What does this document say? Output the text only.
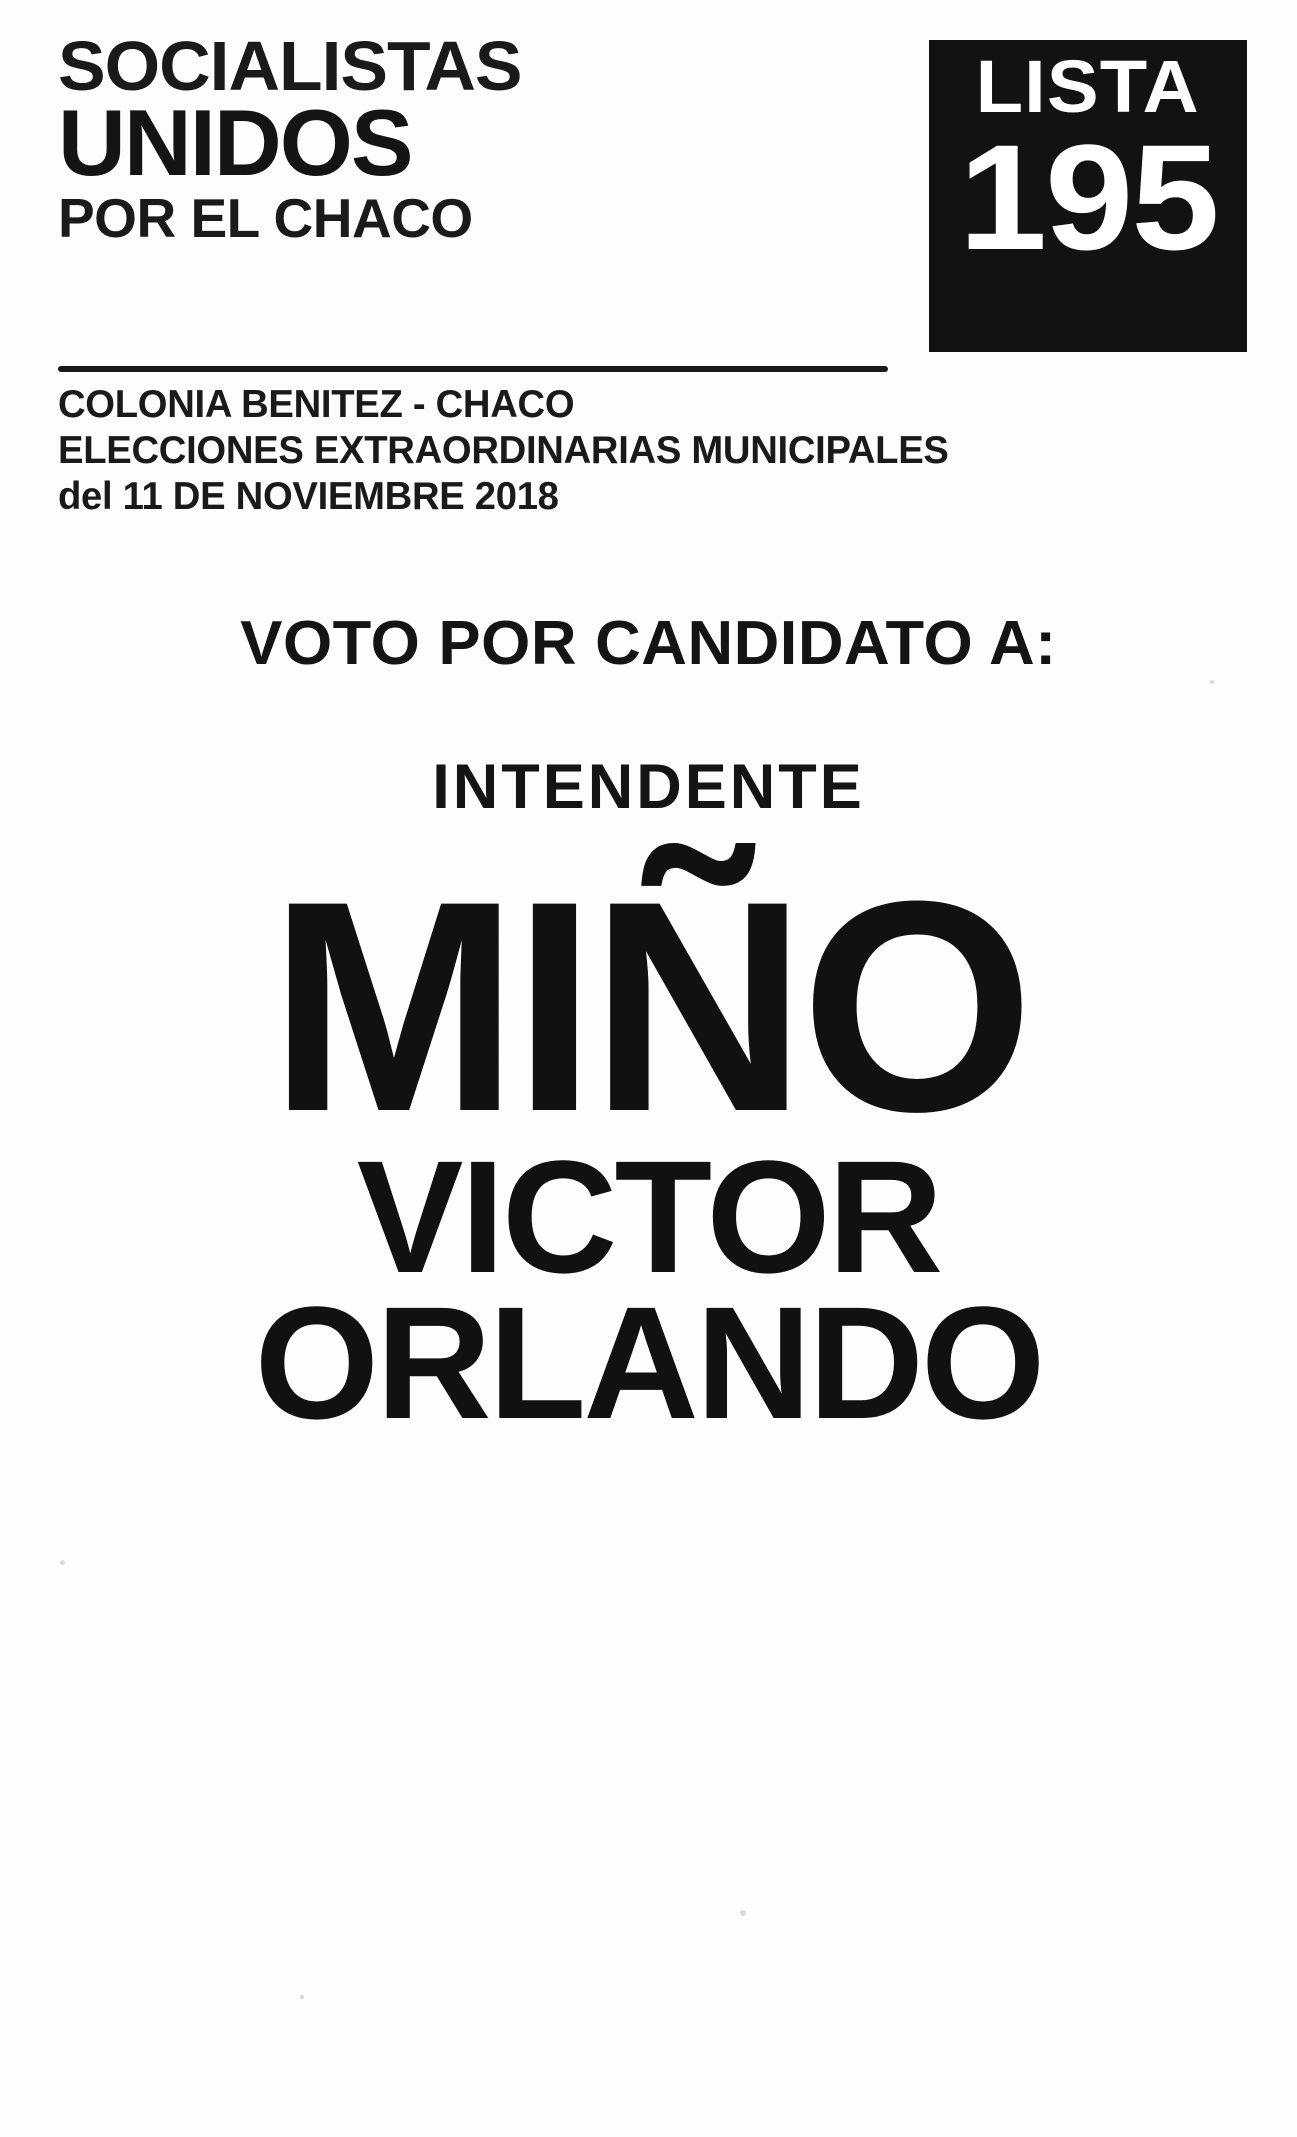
SOCIALISTAS
UNIDOS
POR EL CHACO
LISTA
195
COLONIA BENITEZ - CHACO
ELECCIONES EXTRAORDINARIAS MUNICIPALES
del 11 DE NOVIEMBRE 2018
VOTO POR CANDIDATO A:
INTENDENTE
MIÑO
VICTOR
ORLANDO
